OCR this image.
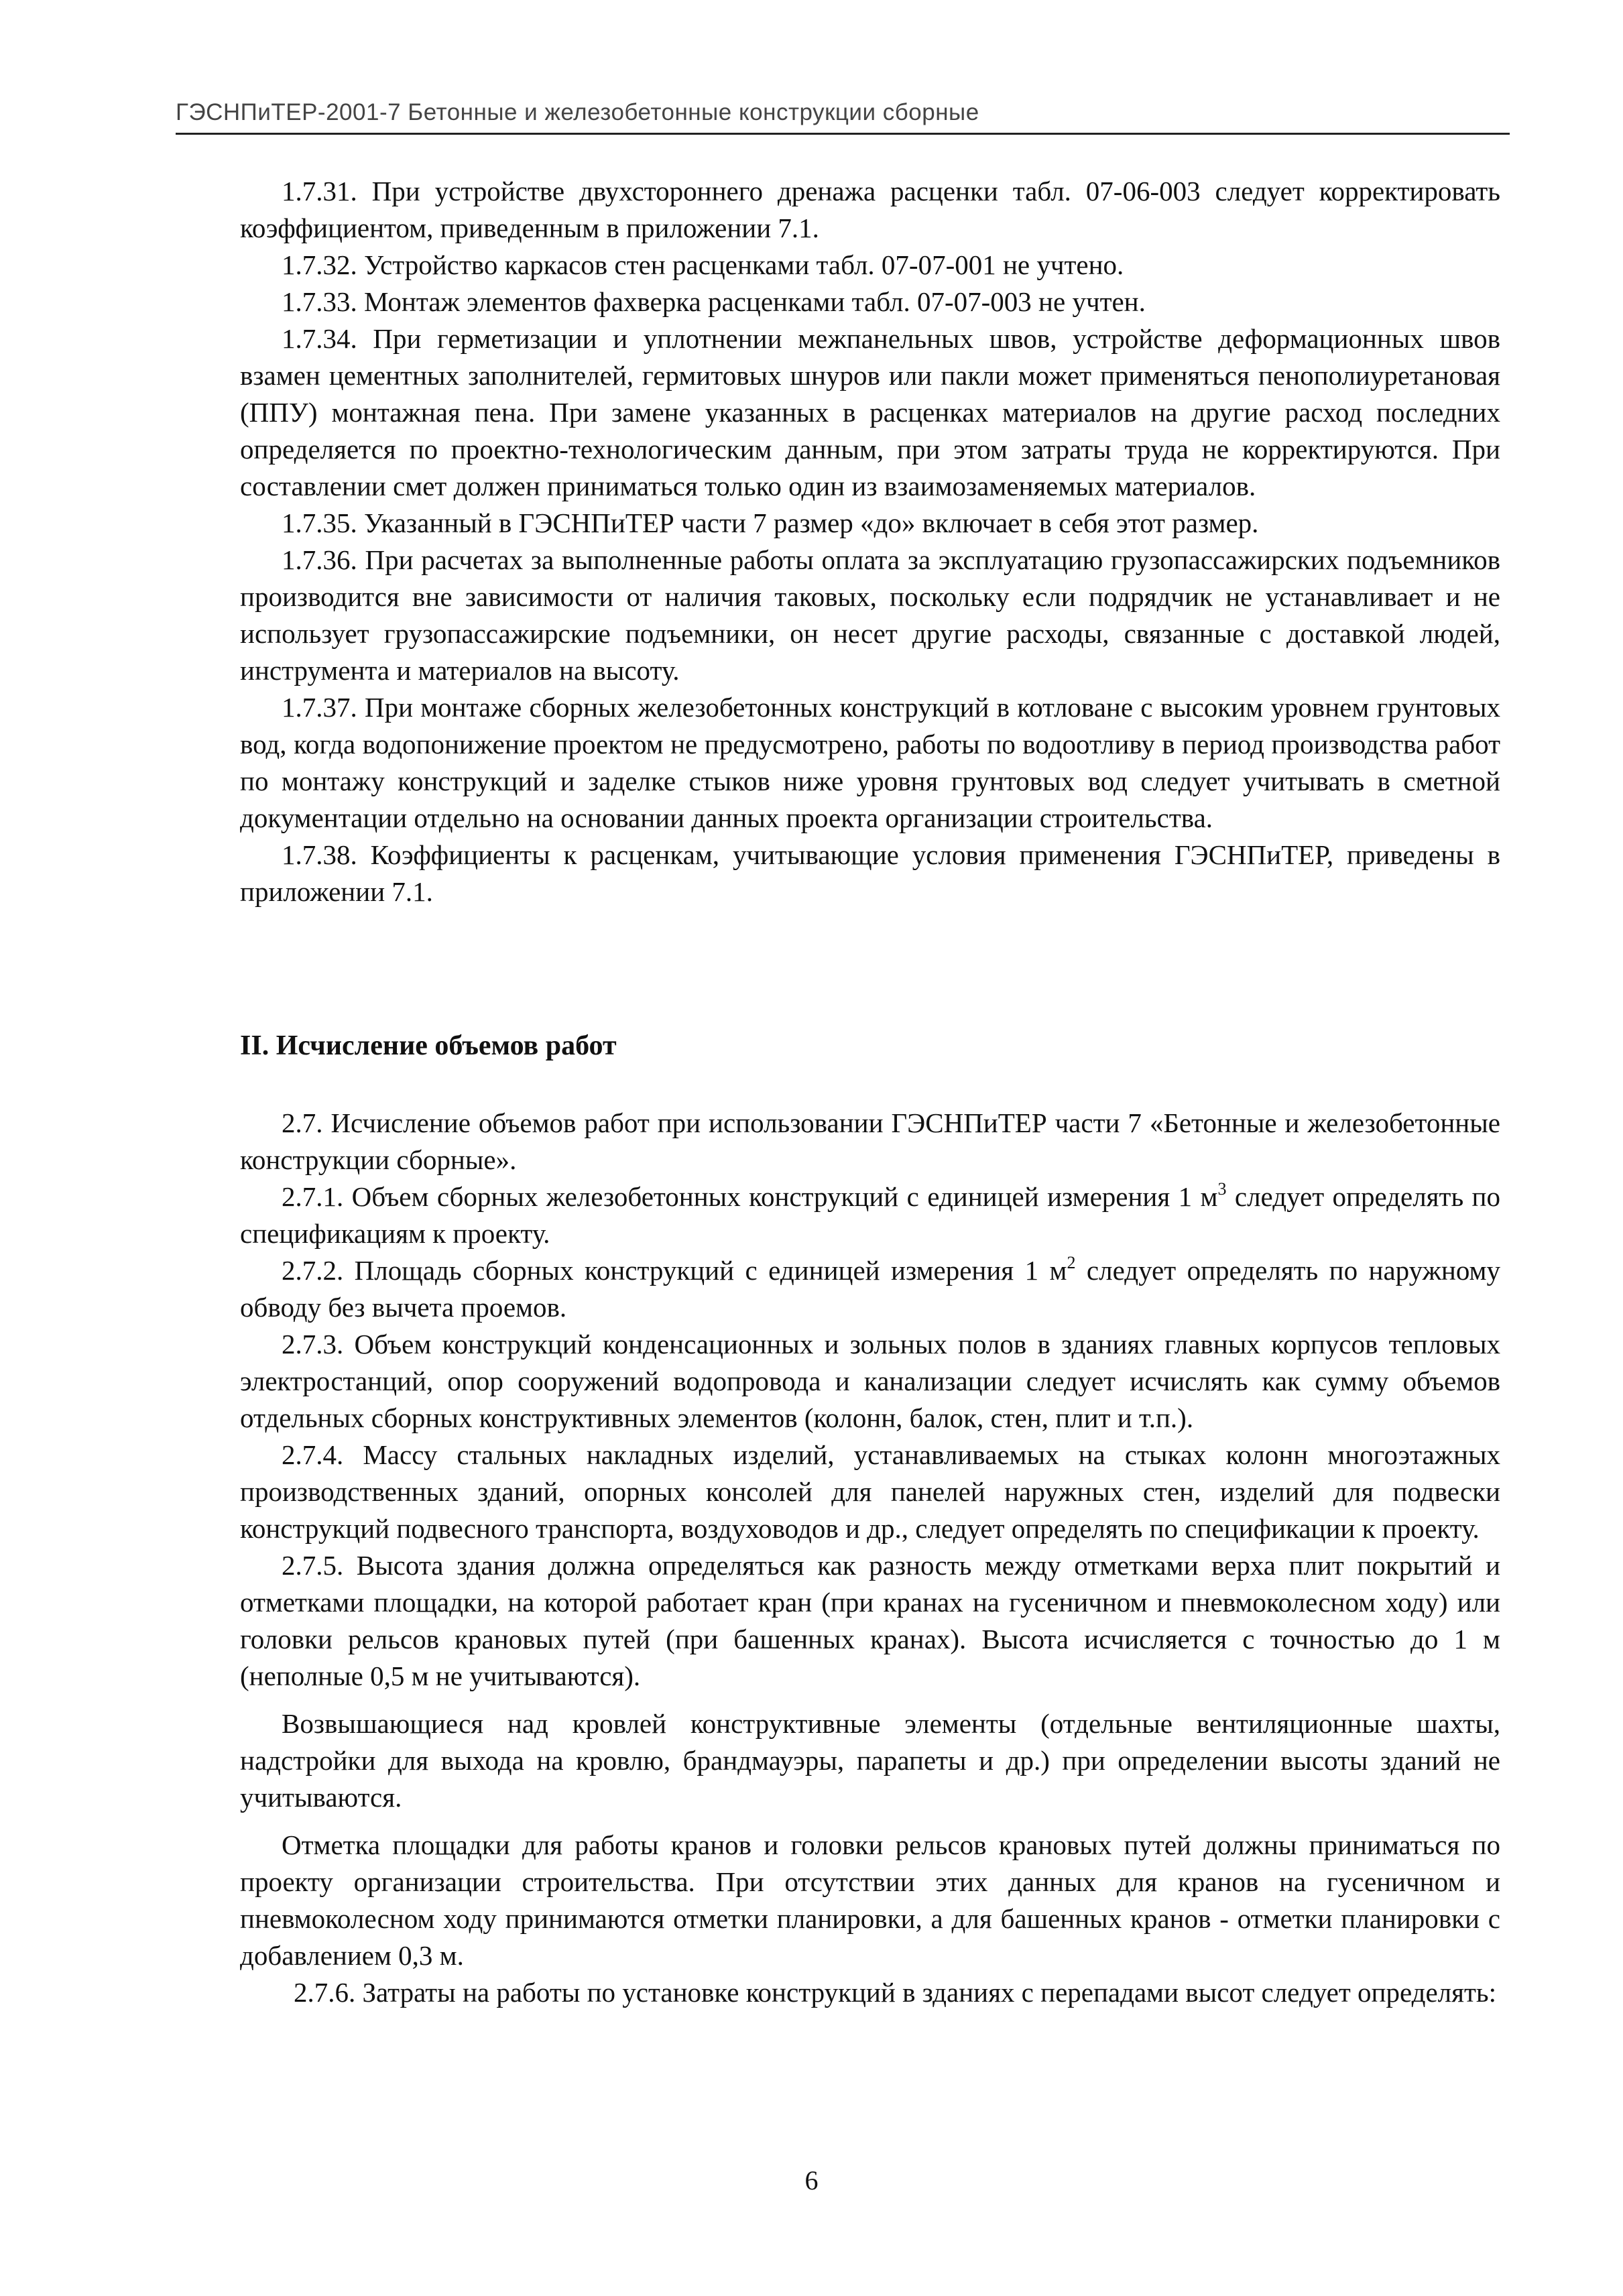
ГЭСНПиТЕР-2001-7 Бетонные и железобетонные конструкции сборные

1.7.31. При устройстве двухстороннего дренажа расценки табл. 07-06-003 следует корректировать коэффициентом, приведенным в приложении 7.1.

1.7.32. Устройство каркасов стен расценками табл. 07-07-001 не учтено.

1.7.33. Монтаж элементов фахверка расценками табл. 07-07-003 не учтен.

1.7.34. При герметизации и уплотнении межпанельных швов, устройстве деформационных швов взамен цементных заполнителей, гермитовых шнуров или пакли может применяться пенополиуретановая (ППУ) монтажная пена. При замене указанных в расценках материалов на другие расход последних определяется по проектно-технологическим данным, при этом затраты труда не корректируются. При составлении смет должен приниматься только один из взаимозаменяемых материалов.

1.7.35. Указанный в ГЭСНПиТЕР части 7 размер «до» включает в себя этот размер.

1.7.36. При расчетах за выполненные работы оплата за эксплуатацию грузопассажирских подъемников производится вне зависимости от наличия таковых, поскольку если подрядчик не устанавливает и не использует грузопассажирские подъемники, он несет другие расходы, связанные с доставкой людей, инструмента и материалов на высоту.

1.7.37. При монтаже сборных железобетонных конструкций в котловане с высоким уровнем грунтовых вод, когда водопонижение проектом не предусмотрено, работы по водоотливу в период производства работ по монтажу конструкций и заделке стыков ниже уровня грунтовых вод следует учитывать в сметной документации отдельно на основании данных проекта организации строительства.

1.7.38. Коэффициенты к расценкам, учитывающие условия применения ГЭСНПиТЕР, приведены в приложении 7.1.

II. Исчисление объемов работ

2.7. Исчисление объемов работ при использовании ГЭСНПиТЕР части 7 «Бетонные и железобетонные конструкции сборные».

2.7.1. Объем сборных железобетонных конструкций с единицей измерения 1 $м^3$ следует определять по спецификациям к проекту.

2.7.2. Площадь сборных конструкций с единицей измерения 1 $м^2$ следует определять по наружному обводу без вычета проемов.

2.7.3. Объем конструкций конденсационных и зольных полов в зданиях главных корпусов тепловых электростанций, опор сооружений водопровода и канализации следует исчислять как сумму объемов отдельных сборных конструктивных элементов (колонн, балок, стен, плит и т.п.).

2.7.4. Массу стальных накладных изделий, устанавливаемых на стыках колонн многоэтажных производственных зданий, опорных консолей для панелей наружных стен, изделий для подвески конструкций подвесного транспорта, воздуховодов и др., следует определять по спецификации к проекту.

2.7.5. Высота здания должна определяться как разность между отметками верха плит покрытий и отметками площадки, на которой работает кран (при кранах на гусеничном и пневмоколесном ходу) или головки рельсов крановых путей (при башенных кранах). Высота исчисляется с точностью до 1 м (неполные 0,5 м не учитываются).

Возвышающиеся над кровлей конструктивные элементы (отдельные вентиляционные шахты, надстройки для выхода на кровлю, брандмауэры, парапеты и др.) при определении высоты зданий не учитываются.

Отметка площадки для работы кранов и головки рельсов крановых путей должны приниматься по проекту организации строительства. При отсутствии этих данных для кранов на гусеничном и пневмоколесном ходу принимаются отметки планировки, а для башенных кранов - отметки планировки с добавлением 0,3 м.

2.7.6. Затраты на работы по установке конструкций в зданиях с перепадами высот следует определять:

6
